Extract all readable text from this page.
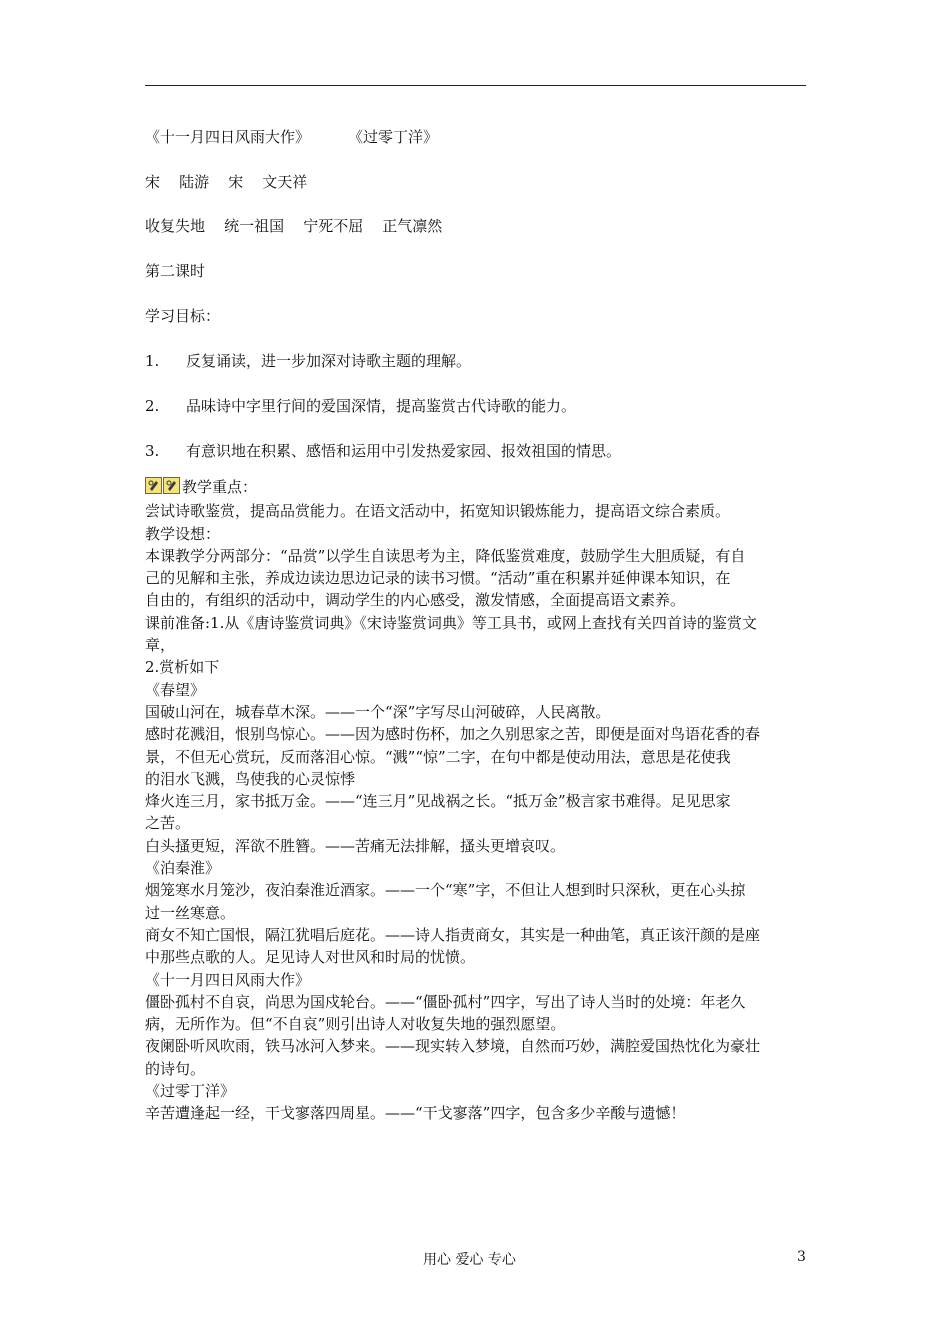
《十一月四日风雨大作》	《过零丁洋》
宋 陆游 宋 文天祥
收复失地 统一祖国 宁死不屈 正气凛然
第二课时
学习目标：
1. 反复诵读，进一步加深对诗歌主题的理解。
2. 品味诗中字里行间的爱国深情，提高鉴赏古代诗歌的能力。
3. 有意识地在积累、感悟和运用中引发热爱家园、报效祖国的情思。
教学重点：
尝试诗歌鉴赏，提高品赏能力。在语文活动中，拓宽知识锻炼能力，提高语文综合素质。
教学设想：
本课教学分两部分：“品赏”以学生自读思考为主，降低鉴赏难度，鼓励学生大胆质疑，有自
己的见解和主张，养成边读边思边记录的读书习惯。“活动”重在积累并延伸课本知识，在
自由的，有组织的活动中，调动学生的内心感受，激发情感，全面提高语文素养。
课前准备:1.从《唐诗鉴赏词典》《宋诗鉴赏词典》等工具书，或网上查找有关四首诗的鉴赏文
章，
2.赏析如下
《春望》
国破山河在，城春草木深。——一个“深”字写尽山河破碎，人民离散。
感时花溅泪，恨别鸟惊心。——因为感时伤杯，加之久别思家之苦，即便是面对鸟语花香的春
景，不但无心赏玩，反而落泪心惊。“溅”“惊”二字，在句中都是使动用法，意思是花使我
的泪水飞溅，鸟使我的心灵惊悸
烽火连三月，家书抵万金。——“连三月”见战祸之长。“抵万金”极言家书难得。足见思家
之苦。
白头搔更短，浑欲不胜簪。——苦痛无法排解，搔头更增哀叹。
《泊秦淮》
烟笼寒水月笼沙，夜泊秦淮近酒家。——一个“寒”字，不但让人想到时只深秋，更在心头掠
过一丝寒意。
商女不知亡国恨，隔江犹唱后庭花。——诗人指责商女，其实是一种曲笔，真正该汗颜的是座
中那些点歌的人。足见诗人对世风和时局的忧愤。
《十一月四日风雨大作》
僵卧孤村不自哀，尚思为国戍轮台。——“僵卧孤村”四字，写出了诗人当时的处境：年老久
病，无所作为。但“不自哀”则引出诗人对收复失地的强烈愿望。
夜阑卧听风吹雨，铁马冰河入梦来。——现实转入梦境，自然而巧妙，满腔爱国热忱化为豪壮
的诗句。
《过零丁洋》
辛苦遭逢起一经，干戈寥落四周星。——“干戈寥落”四字，包含多少辛酸与遗憾！
用心 爱心 专心	3
